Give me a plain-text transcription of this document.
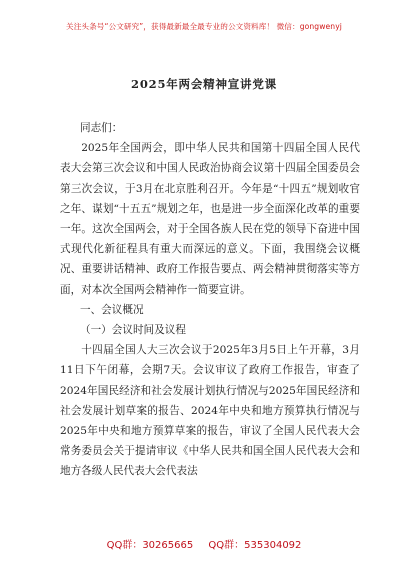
关注头条号“公文研究”，获得最新最全最专业的公文资料库！ 微信：gongwenyj
2025年两会精神宣讲党课
同志们：

2025年全国两会，即中华人民共和国第十四届全国人民代表大会第三次会议和中国人民政治协商会议第十四届全国委员会第三次会议，于3月在北京胜利召开。今年是“十四五”规划收官之年、谋划“十五五”规划之年，也是进一步全面深化改革的重要一年。这次全国两会，对于全国各族人民在党的领导下奋进中国式现代化新征程具有重大而深远的意义。下面，我围绕会议概况、重要讲话精神、政府工作报告要点、两会精神贯彻落实等方面，对本次全国两会精神作一简要宣讲。

一、会议概况
（一）会议时间及议程

十四届全国人大三次会议于2025年3月5日上午开幕，3月11日下午闭幕，会期7天。会议审议了政府工作报告，审查了2024年国民经济和社会发展计划执行情况与2025年国民经济和社会发展计划草案的报告、2024年中央和地方预算执行情况与2025年中央和地方预算草案的报告，审议了全国人民代表大会常务委员会关于提请审议《中华人民共和国全国人民代表大会和地方各级人民代表大会代表法

QQ群：30265665 QQ群：535304092
